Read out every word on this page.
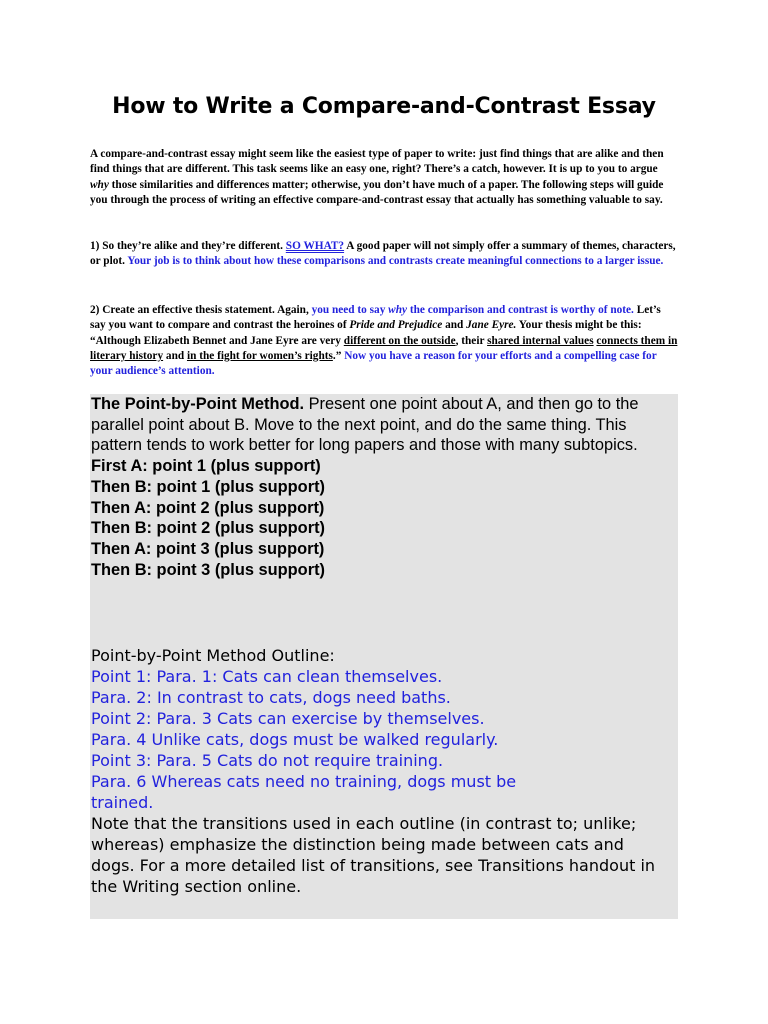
How to Write a Compare-and-Contrast Essay
A compare-and-contrast essay might seem like the easiest type of paper to write: just find things that are alike and then find things that are different. This task seems like an easy one, right? There’s a catch, however. It is up to you to argue why those similarities and differences matter; otherwise, you don’t have much of a paper. The following steps will guide you through the process of writing an effective compare-and-contrast essay that actually has something valuable to say.
1) So they’re alike and they’re different. SO WHAT? A good paper will not simply offer a summary of themes, characters, or plot. Your job is to think about how these comparisons and contrasts create meaningful connections to a larger issue.
2) Create an effective thesis statement. Again, you need to say why the comparison and contrast is worthy of note. Let’s say you want to compare and contrast the heroines of Pride and Prejudice and Jane Eyre. Your thesis might be this: “Although Elizabeth Bennet and Jane Eyre are very different on the outside, their shared internal values connects them in literary history and in the fight for women’s rights.” Now you have a reason for your efforts and a compelling case for your audience’s attention.
The Point-by-Point Method. Present one point about A, and then go to the parallel point about B. Move to the next point, and do the same thing. This pattern tends to work better for long papers and those with many subtopics.
First A: point 1 (plus support)
Then B: point 1 (plus support)
Then A: point 2 (plus support)
Then B: point 2 (plus support)
Then A: point 3 (plus support)
Then B: point 3 (plus support)
Point-by-Point Method Outline:
Point 1: Para. 1: Cats can clean themselves.
Para. 2: In contrast to cats, dogs need baths.
Point 2: Para. 3 Cats can exercise by themselves.
Para. 4 Unlike cats, dogs must be walked regularly.
Point 3: Para. 5 Cats do not require training.
Para. 6 Whereas cats need no training, dogs must be
trained.
Note that the transitions used in each outline (in contrast to; unlike; whereas) emphasize the distinction being made between cats and dogs. For a more detailed list of transitions, see Transitions handout in the Writing section online.
